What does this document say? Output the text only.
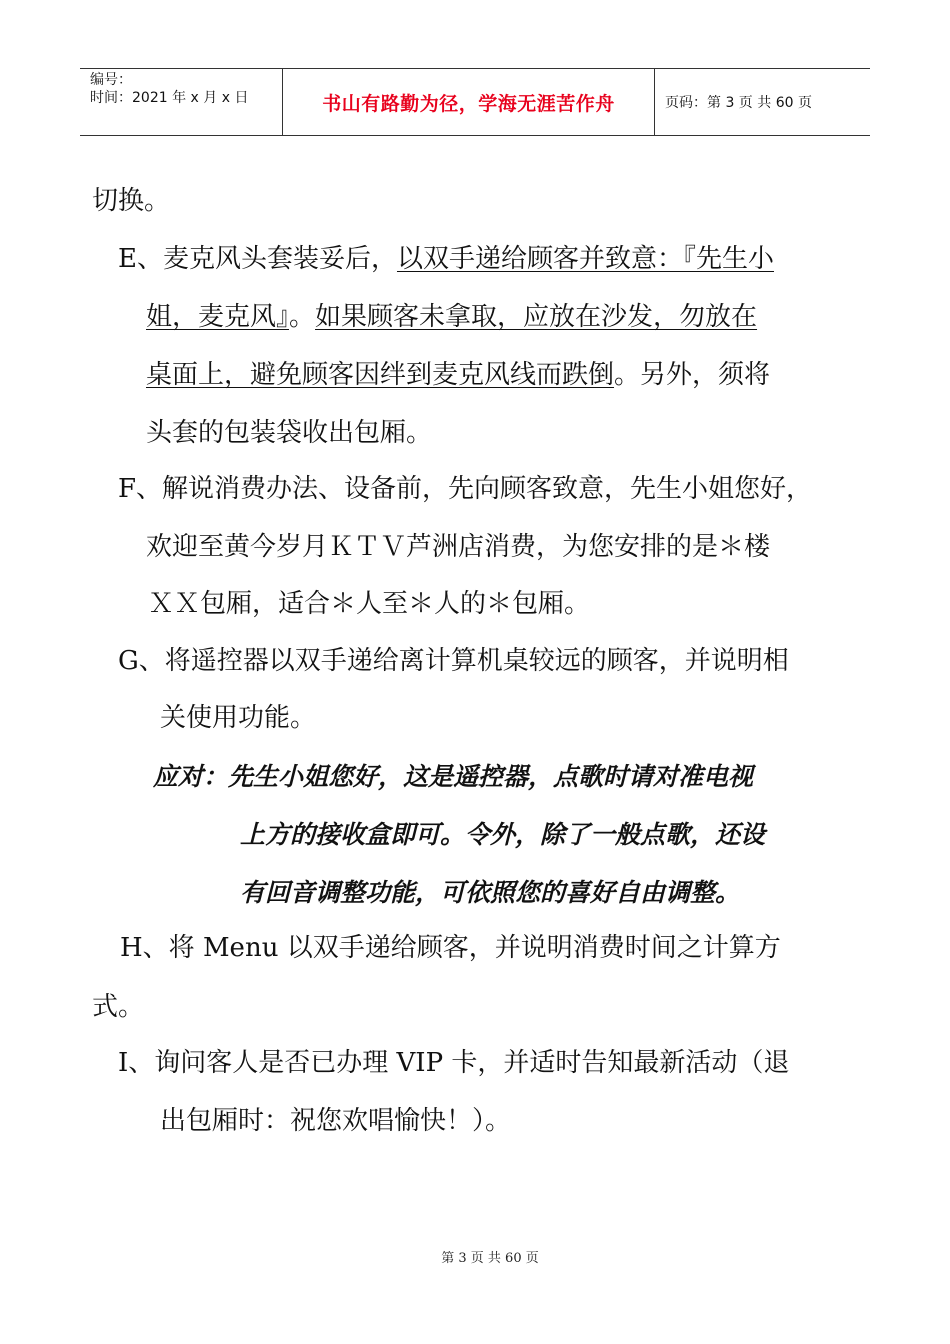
编号：
时间：2021 年 x 月 x 日	书山有路勤为径，学海无涯苦作舟	页码：第 3 页 共 60 页
切换。
E、麦克风头套装妥后，以双手递给顾客并致意：『先生小
姐，麦克风』。如果顾客未拿取，应放在沙发，勿放在
桌面上，避免顾客因绊到麦克风线而跌倒。另外，须将
头套的包装袋收出包厢。
F、解说消费办法、设备前，先向顾客致意，先生小姐您好，
欢迎至黄今岁月ＫＴＶ芦洲店消费，为您安排的是＊楼
ＸＸ包厢，适合＊人至＊人的＊包厢。
G、将遥控器以双手递给离计算机桌较远的顾客，并说明相
关使用功能。
应对：先生小姐您好，这是遥控器，点歌时请对准电视
上方的接收盒即可。令外，除了一般点歌，还设
有回音调整功能，可依照您的喜好自由调整。
H、将 Menu 以双手递给顾客，并说明消费时间之计算方
式。
I、询问客人是否已办理 VIP 卡，并适时告知最新活动（退
出包厢时：祝您欢唱愉快！）。
第 3 页 共 60 页
